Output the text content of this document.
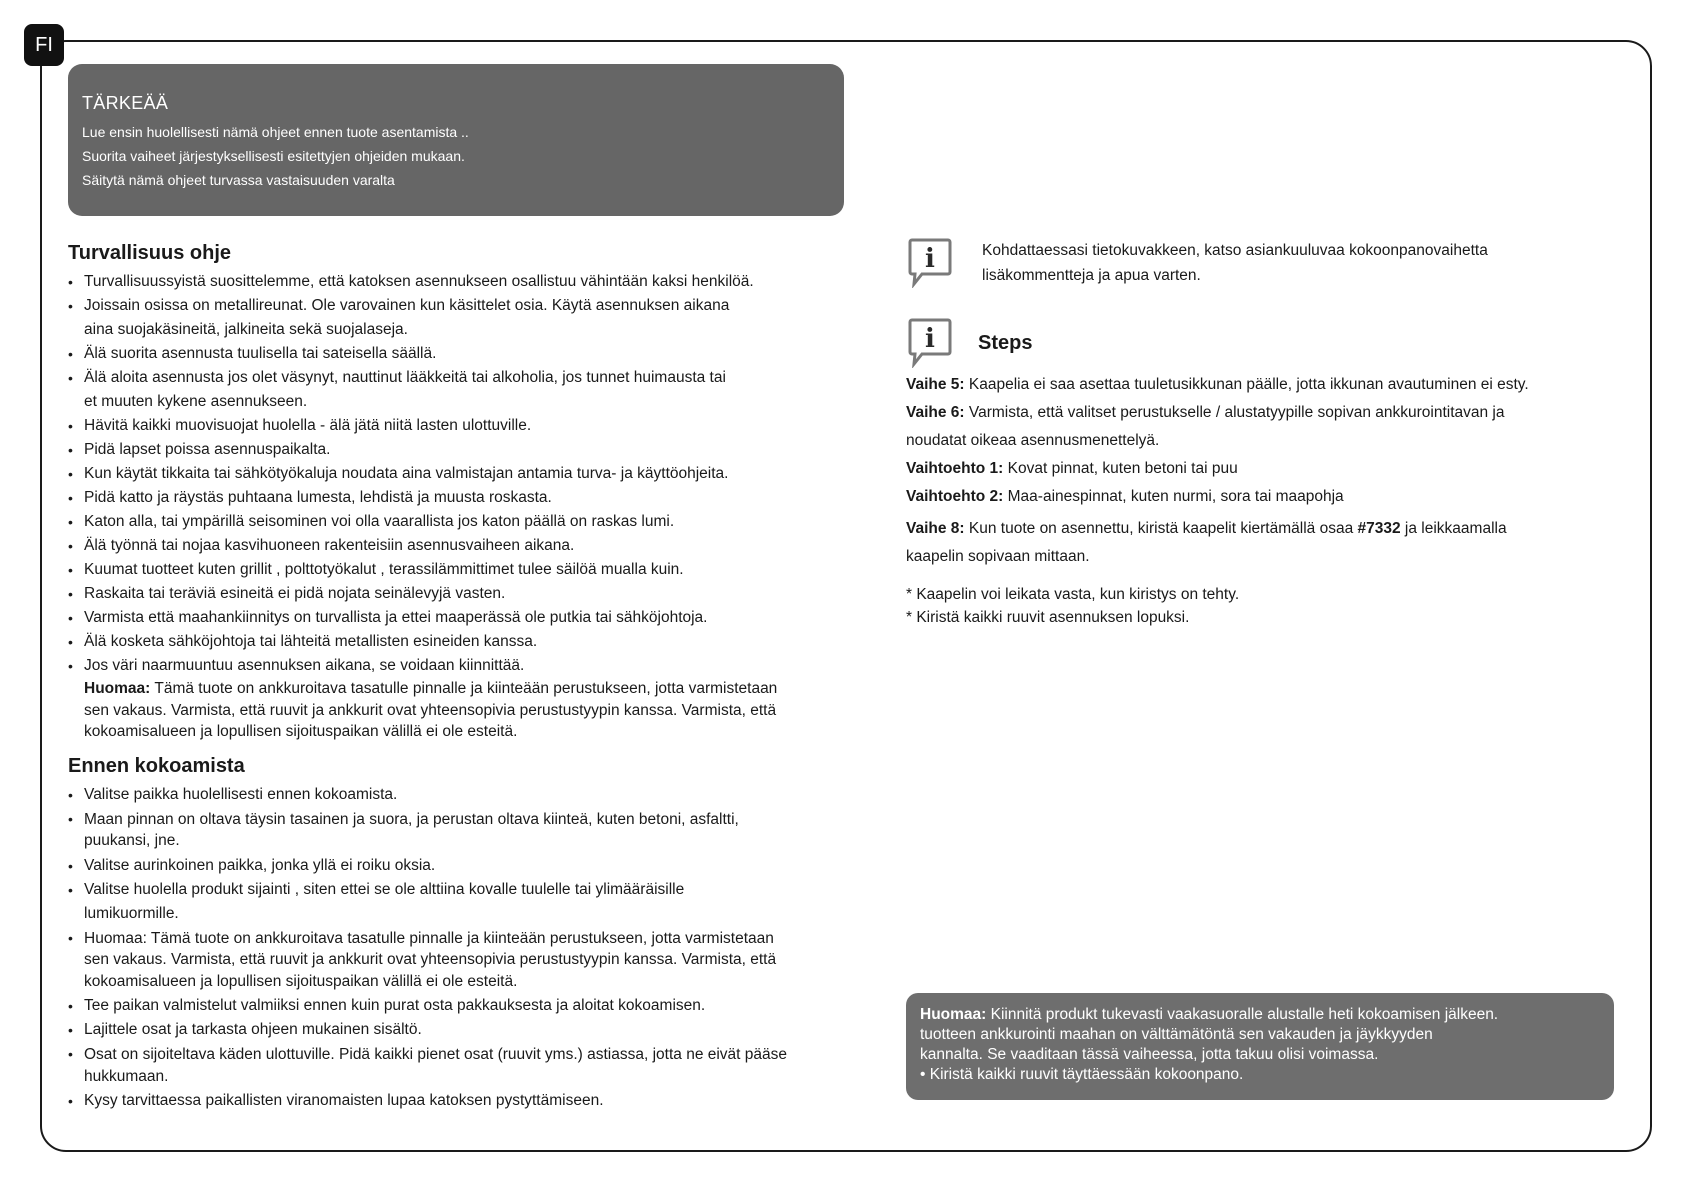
FI
TÄRKEÄÄ
Lue ensin huolellisesti nämä ohjeet ennen tuote asentamista ..
Suorita vaiheet järjestyksellisesti esitettyjen ohjeiden mukaan.
Säitytä nämä ohjeet turvassa vastaisuuden varalta
Turvallisuus ohje
• Turvallisuussyistä suosittelemme, että katoksen asennukseen osallistuu vähintään kaksi henkilöä.
• Joissain osissa on metallireunat. Ole varovainen kun käsittelet osia. Käytä asennuksen aikana
aina suojakäsineitä, jalkineita sekä suojalaseja.
• Älä suorita asennusta tuulisella tai sateisella säällä.
• Älä aloita asennusta jos olet väsynyt, nauttinut lääkkeitä tai alkoholia, jos tunnet huimausta tai
et muuten kykene asennukseen.
• Hävitä kaikki muovisuojat huolella - älä jätä niitä lasten ulottuville.
• Pidä lapset poissa asennuspaikalta.
• Kun käytät tikkaita tai sähkötyökaluja noudata aina valmistajan antamia turva- ja käyttöohjeita.
• Pidä katto ja räystäs puhtaana lumesta, lehdistä ja muusta roskasta.
• Katon alla, tai ympärillä seisominen voi olla vaarallista jos katon päällä on raskas lumi.
• Älä työnnä tai nojaa kasvihuoneen rakenteisiin asennusvaiheen aikana.
• Kuumat tuotteet kuten grillit , polttotyökalut , terassilämmittimet tulee säilöä mualla kuin.
• Raskaita tai teräviä esineitä ei pidä nojata seinälevyjä vasten.
• Varmista että maahankiinnitys on turvallista ja ettei maaperässä ole putkia tai sähköjohtoja.
• Älä kosketa sähköjohtoja tai lähteitä metallisten esineiden kanssa.
• Jos väri naarmuuntuu asennuksen aikana, se voidaan kiinnittää.
Huomaa: Tämä tuote on ankkuroitava tasatulle pinnalle ja kiinteään perustukseen, jotta varmistetaan
sen vakaus. Varmista, että ruuvit ja ankkurit ovat yhteensopivia perustustyypin kanssa. Varmista, että
kokoamisalueen ja lopullisen sijoituspaikan välillä ei ole esteitä.
Ennen kokoamista
• Valitse paikka huolellisesti ennen kokoamista.
• Maan pinnan on oltava täysin tasainen ja suora, ja perustan oltava kiinteä, kuten betoni, asfaltti,
puukansi, jne.
• Valitse aurinkoinen paikka, jonka yllä ei roiku oksia.
• Valitse huolella produkt sijainti , siten ettei se ole alttiina kovalle tuulelle tai ylimääräisille
lumikuormille.
• Huomaa: Tämä tuote on ankkuroitava tasatulle pinnalle ja kiinteään perustukseen, jotta varmistetaan
sen vakaus. Varmista, että ruuvit ja ankkurit ovat yhteensopivia perustustyypin kanssa. Varmista, että
kokoamisalueen ja lopullisen sijoituspaikan välillä ei ole esteitä.
• Tee paikan valmistelut valmiiksi ennen kuin purat osta pakkauksesta ja aloitat kokoamisen.
• Lajittele osat ja tarkasta ohjeen mukainen sisältö.
• Osat on sijoiteltava käden ulottuville. Pidä kaikki pienet osat (ruuvit yms.) astiassa, jotta ne eivät pääse
hukkumaan.
• Kysy tarvittaessa paikallisten viranomaisten lupaa katoksen pystyttämiseen.
i	Kohdattaessasi tietokuvakkeen, katso asiankuuluvaa kokoonpanovaihetta
lisäkommentteja ja apua varten.
i Steps
Vaihe 5: Kaapelia ei saa asettaa tuuletusikkunan päälle, jotta ikkunan avautuminen ei esty.
Vaihe 6: Varmista, että valitset perustukselle / alustatyypille sopivan ankkurointitavan ja
noudatat oikeaa asennusmenettelyä.
Vaihtoehto 1: Kovat pinnat, kuten betoni tai puu
Vaihtoehto 2: Maa-ainespinnat, kuten nurmi, sora tai maapohja
Vaihe 8: Kun tuote on asennettu, kiristä kaapelit kiertämällä osaa #7332 ja leikkaamalla
kaapelin sopivaan mittaan.
* Kaapelin voi leikata vasta, kun kiristys on tehty.
* Kiristä kaikki ruuvit asennuksen lopuksi.
Huomaa: Kiinnitä produkt tukevasti vaakasuoralle alustalle heti kokoamisen jälkeen.
tuotteen ankkurointi maahan on välttämätöntä sen vakauden ja jäykkyyden
kannalta. Se vaaditaan tässä vaiheessa, jotta takuu olisi voimassa.
• Kiristä kaikki ruuvit täyttäessään kokoonpano.
